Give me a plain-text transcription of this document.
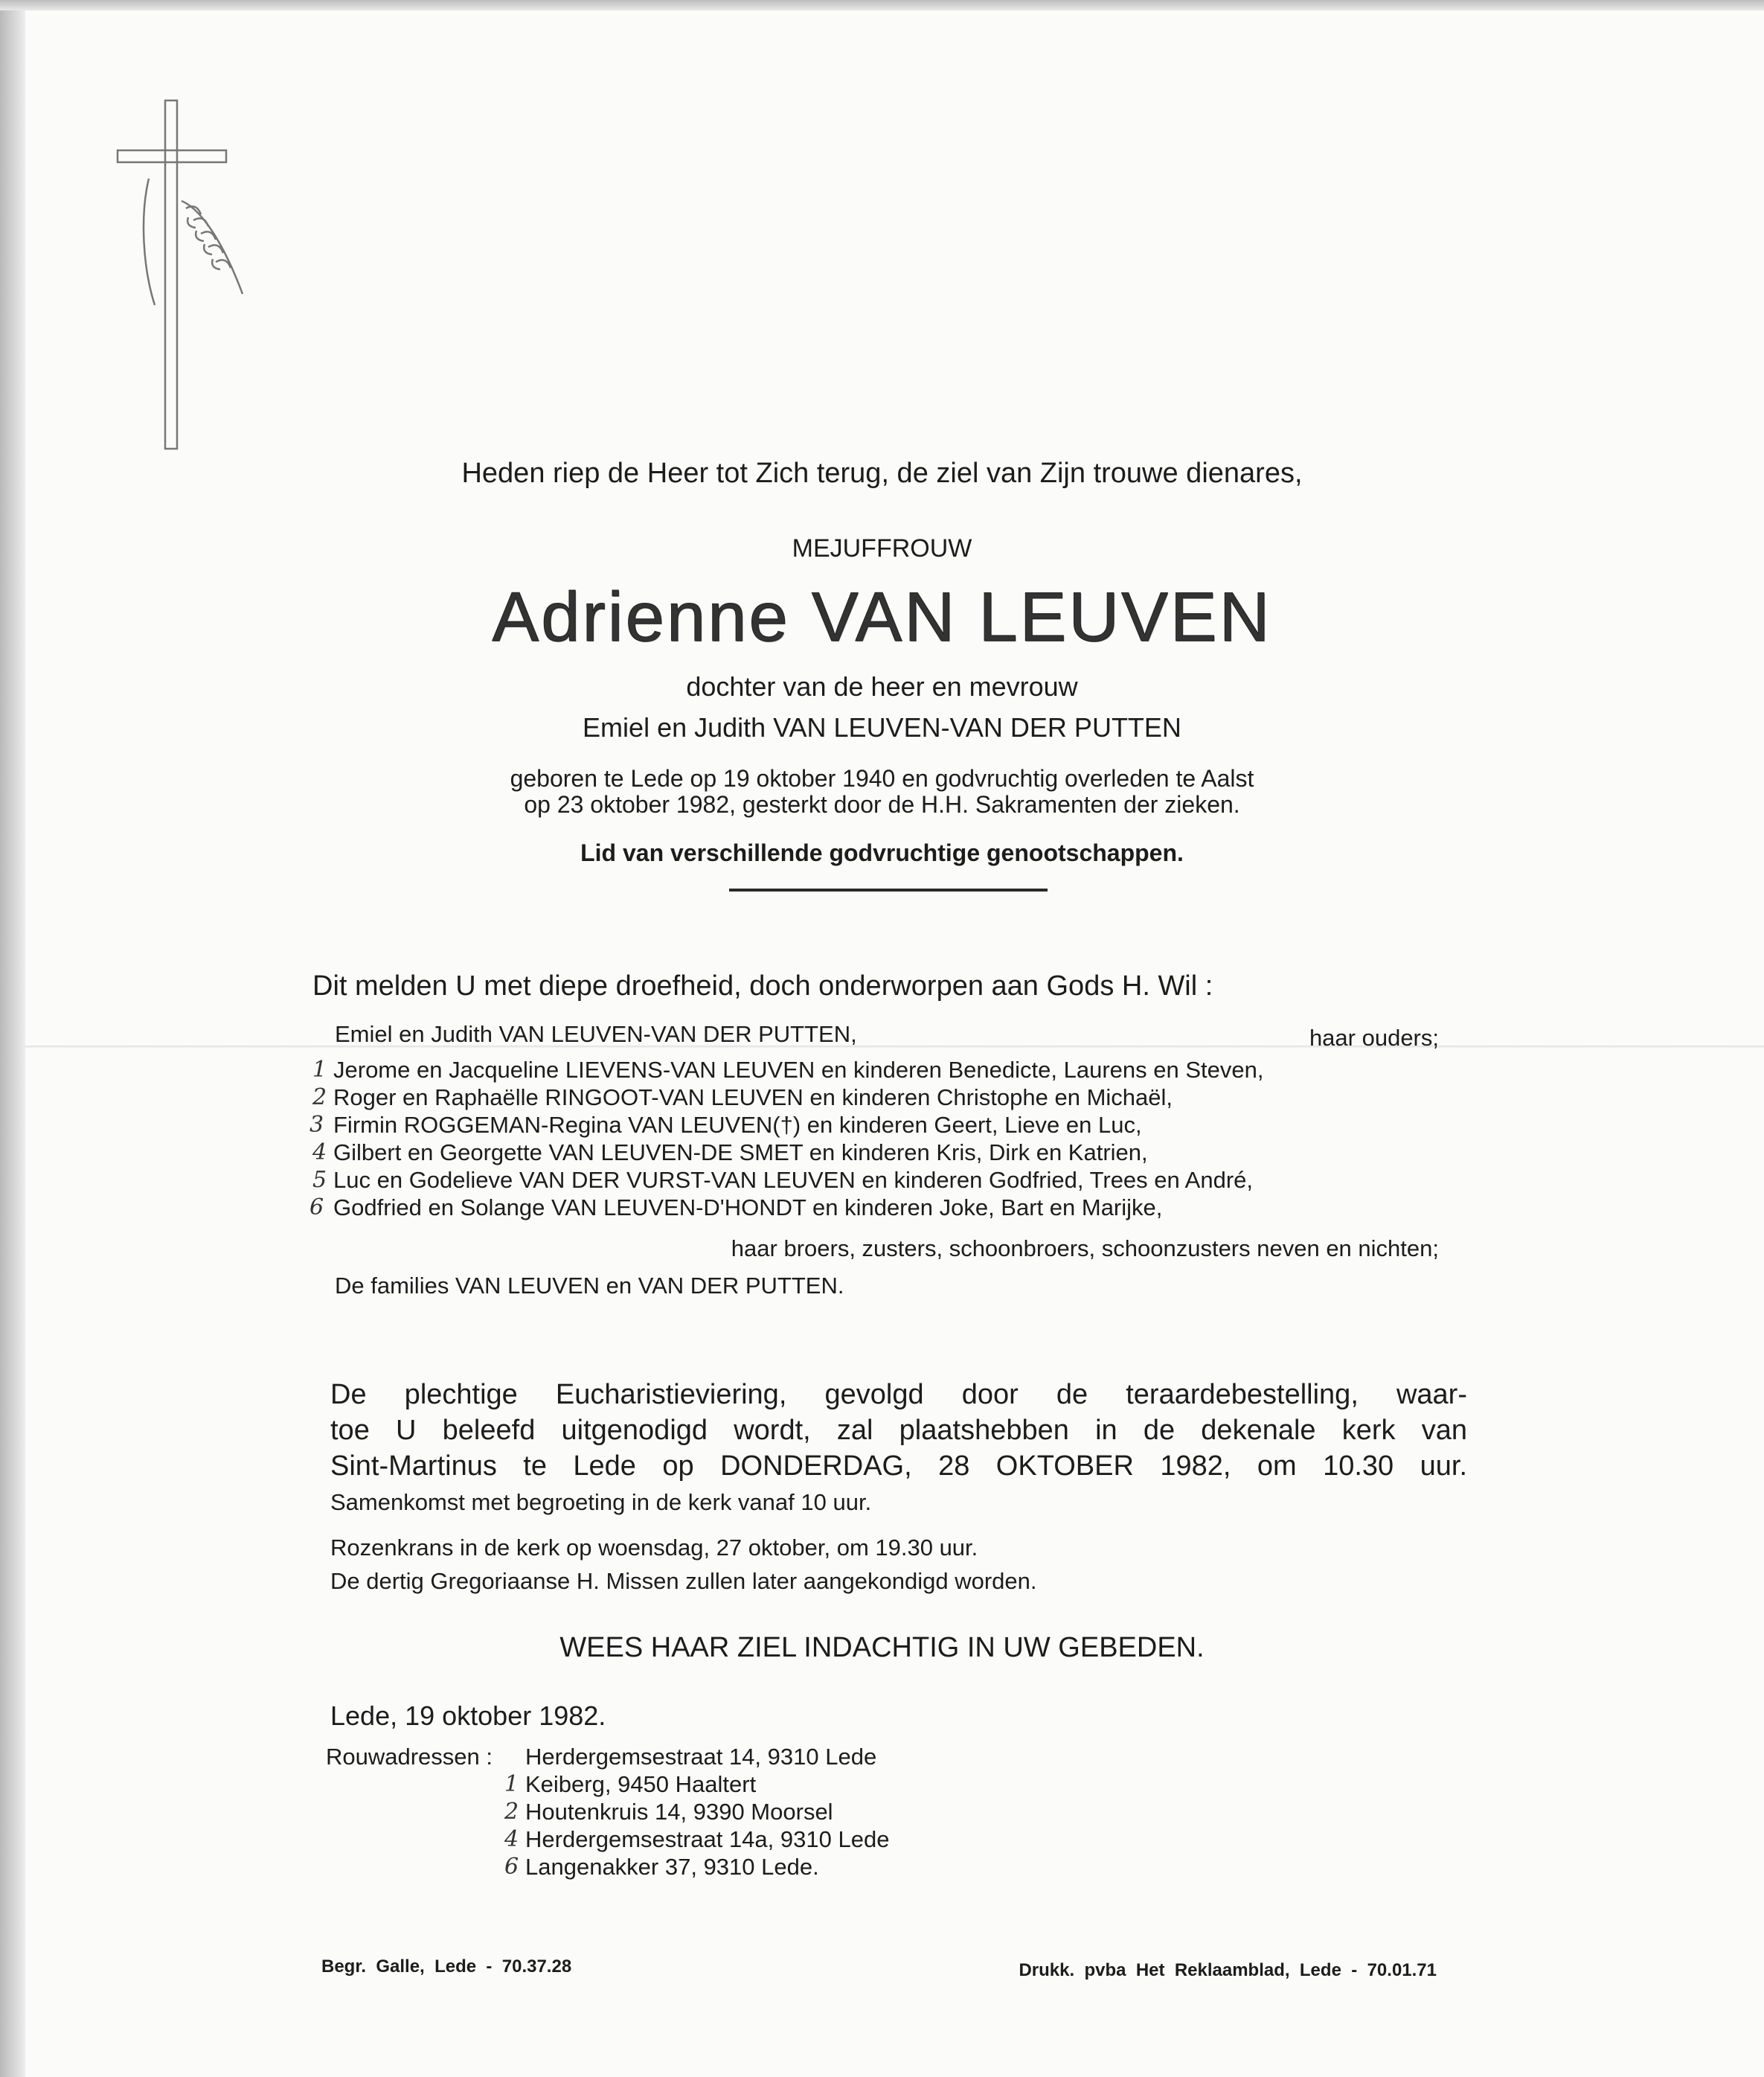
Heden riep de Heer tot Zich terug, de ziel van Zijn trouwe dienares,
MEJUFFROUW
Adrienne VAN LEUVEN
dochter van de heer en mevrouw
Emiel en Judith VAN LEUVEN-VAN DER PUTTEN
geboren te Lede op 19 oktober 1940 en godvruchtig overleden te Aalst
op 23 oktober 1982, gesterkt door de H.H. Sakramenten der zieken.
Lid van verschillende godvruchtige genootschappen.
Dit melden U met diepe droefheid, doch onderworpen aan Gods H. Wil :
Emiel en Judith VAN LEUVEN-VAN DER PUTTEN,	haar ouders;
1 Jerome en Jacqueline LIEVENS-VAN LEUVEN en kinderen Benedicte, Laurens en Steven,
2 Roger en Raphaëlle RINGOOT-VAN LEUVEN en kinderen Christophe en Michaël,
3 Firmin ROGGEMAN-Regina VAN LEUVEN(†) en kinderen Geert, Lieve en Luc,
4 Gilbert en Georgette VAN LEUVEN-DE SMET en kinderen Kris, Dirk en Katrien,
5 Luc en Godelieve VAN DER VURST-VAN LEUVEN en kinderen Godfried, Trees en André,
6 Godfried en Solange VAN LEUVEN-D'HONDT en kinderen Joke, Bart en Marijke,
haar broers, zusters, schoonbroers, schoonzusters neven en nichten;
De families VAN LEUVEN en VAN DER PUTTEN.
De plechtige Eucharistieviering, gevolgd door de teraardebestelling, waar-
toe U beleefd uitgenodigd wordt, zal plaatshebben in de dekenale kerk van
Sint-Martinus te Lede op DONDERDAG, 28 OKTOBER 1982, om 10.30 uur.
Samenkomst met begroeting in de kerk vanaf 10 uur.
Rozenkrans in de kerk op woensdag, 27 oktober, om 19.30 uur.
De dertig Gregoriaanse H. Missen zullen later aangekondigd worden.
WEES HAAR ZIEL INDACHTIG IN UW GEBEDEN.
Lede, 19 oktober 1982.
Rouwadressen : Herdergemsestraat 14, 9310 Lede
1 Keiberg, 9450 Haaltert
2 Houtenkruis 14, 9390 Moorsel
4 Herdergemsestraat 14a, 9310 Lede
6 Langenakker 37, 9310 Lede.
Begr.  Galle,  Lede  -  70.37.28	Drukk.  pvba  Het  Reklaamblad,  Lede  -  70.01.71
